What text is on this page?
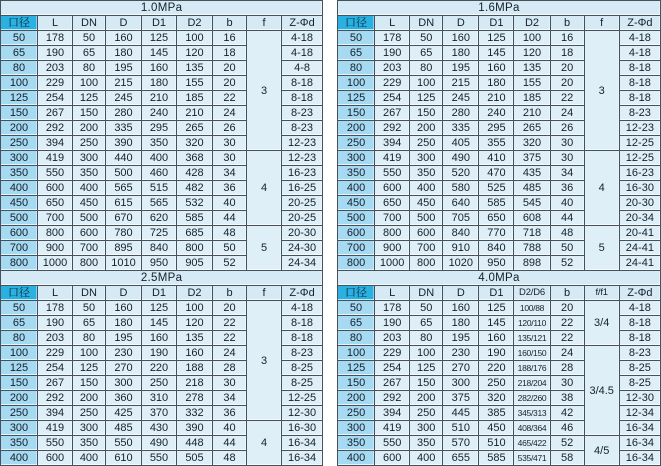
1.0MPa								
口径	L	DN	D	D1	D2	b	f	Z-Φd
50	178	50	160	125	100	16	3	4-18
65	190	65	180	145	120	18		4-18
80	203	80	195	160	135	20		4-8
100	229	100	215	180	155	20		8-18
125	254	125	245	210	185	22		8-18
150	267	150	280	240	210	24		8-23
200	292	200	335	295	265	26		8-23
250	394	250	390	350	320	30		12-23
300	419	300	440	400	368	30	4	12-23
350	550	350	500	460	428	34		16-23
400	600	400	565	515	482	36		16-25
450	650	450	615	565	532	40		20-25
500	700	500	670	620	585	44		20-25
600	800	600	780	725	685	48	5	20-30
700	900	700	895	840	800	50		24-30
800	1000	800	1010	950	905	52		24-34
2.5MPa								
口径	L	DN	D	D1	D2	b	f	Z-Φd
50	178	50	160	125	100	20	3	4-18
65	190	65	180	145	120	22		8-18
80	203	80	195	160	135	22		8-18
100	229	100	230	190	160	24		8-23
125	254	125	270	220	188	28		8-25
150	267	150	300	250	218	30		8-25
200	292	200	360	310	278	34		12-25
250	394	250	425	370	332	36		12-30
300	419	300	485	430	390	40	4	16-30
350	550	350	550	490	448	44		16-34
400	600	400	610	550	505	48		16-34
1.6MPa								
口径	L	DN	D	D1	D2	b	f	Z-Φd
50	178	50	160	125	100	16	3	4-18
65	190	65	180	145	120	18		4-18
80	203	80	195	160	135	20		8-18
100	229	100	215	180	155	20		8-18
125	254	125	245	210	185	22		8-18
150	267	150	280	240	210	24		8-23
200	292	200	335	295	265	26		12-23
250	394	250	405	355	320	30		12-25
300	419	300	490	410	375	30	4	12-25
350	550	350	520	470	435	34		16-23
400	600	400	580	525	485	36		16-30
450	650	450	640	585	545	40		20-30
500	700	500	705	650	608	44		20-34
600	800	600	840	770	718	48	5	20-41
700	900	700	910	840	788	50		24-41
800	1000	800	1020	950	898	52		24-41
4.0MPa								
口径	L	DN	D	D1	D2/D6	b	f/f1	Z-Φd
50	178	50	160	125	100/88	20	3/4	4-18
65	190	65	180	145	120/110	22		8-18
80	203	80	195	160	135/121	22		8-18
100	229	100	230	190	160/150	24	3/4.5	8-23
125	254	125	270	220	188/176	28		8-25
150	267	150	300	250	218/204	30		8-25
200	292	200	375	320	282/260	38		12-30
250	394	250	445	385	345/313	42		12-34
300	419	300	510	450	408/364	46		16-34
350	550	350	570	510	465/422	52	4/5	16-34
400	600	400	655	585	535/471	58		16-34
